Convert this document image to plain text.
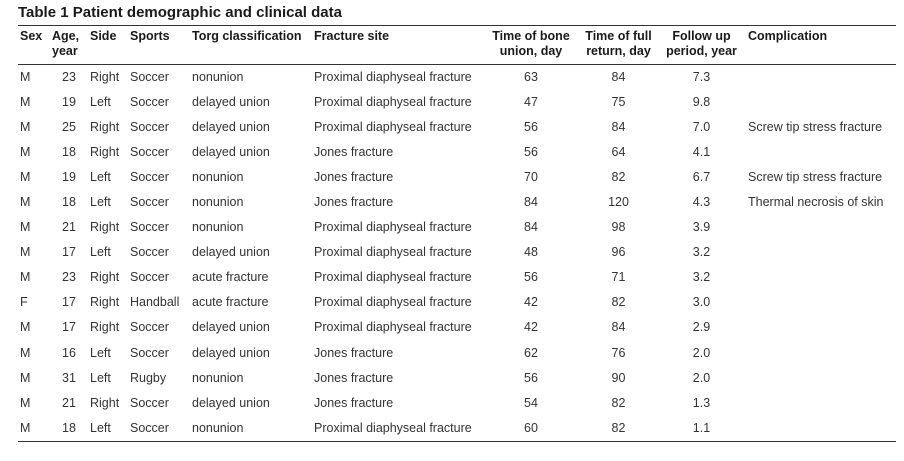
Table 1 Patient demographic and clinical data
Sex	Age, year	Side	Sports	Torg classification	Fracture site	Time of bone union, day	Time of full return, day	Follow up period, year	Complication
M	23	Right	Soccer	nonunion	Proximal diaphyseal fracture	63	84	7.3	
M	19	Left	Soccer	delayed union	Proximal diaphyseal fracture	47	75	9.8	
M	25	Right	Soccer	delayed union	Proximal diaphyseal fracture	56	84	7.0	Screw tip stress fracture
M	18	Right	Soccer	delayed union	Jones fracture	56	64	4.1	
M	19	Left	Soccer	nonunion	Jones fracture	70	82	6.7	Screw tip stress fracture
M	18	Left	Soccer	nonunion	Jones fracture	84	120	4.3	Thermal necrosis of skin
M	21	Right	Soccer	nonunion	Proximal diaphyseal fracture	84	98	3.9	
M	17	Left	Soccer	delayed union	Proximal diaphyseal fracture	48	96	3.2	
M	23	Right	Soccer	acute fracture	Proximal diaphyseal fracture	56	71	3.2	
F	17	Right	Handball	acute fracture	Proximal diaphyseal fracture	42	82	3.0	
M	17	Right	Soccer	delayed union	Proximal diaphyseal fracture	42	84	2.9	
M	16	Left	Soccer	delayed union	Jones fracture	62	76	2.0	
M	31	Left	Rugby	nonunion	Jones fracture	56	90	2.0	
M	21	Right	Soccer	delayed union	Jones fracture	54	82	1.3	
M	18	Left	Soccer	nonunion	Proximal diaphyseal fracture	60	82	1.1	
